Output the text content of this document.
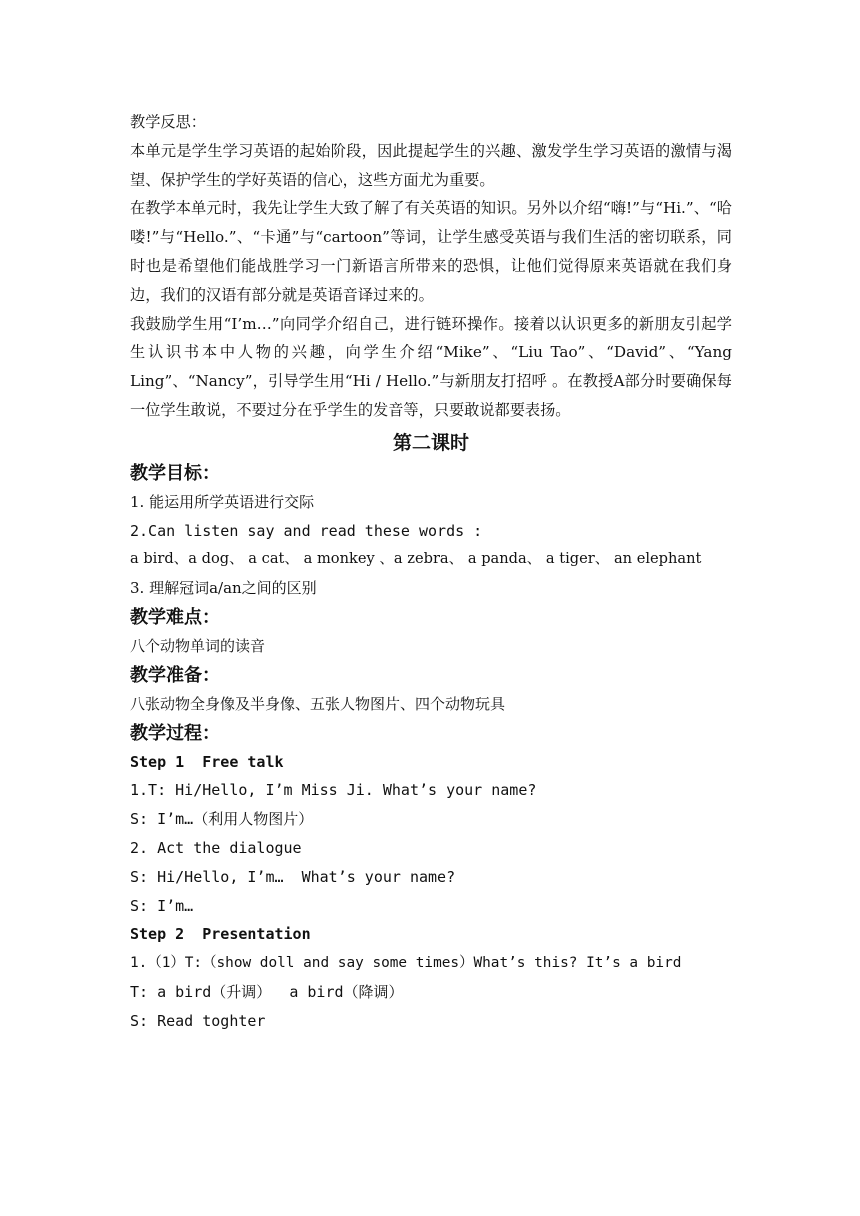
教学反思：

本单元是学生学习英语的起始阶段，因此提起学生的兴趣、激发学生学习英语的激情与渴望、保护学生的学好英语的信心，这些方面尤为重要。

在教学本单元时，我先让学生大致了解了有关英语的知识。另外以介绍“嗨!”与“Hi.”、“哈喽!”与“Hello.”、“卡通”与“cartoon”等词，让学生感受英语与我们生活的密切联系，同时也是希望他们能战胜学习一门新语言所带来的恐惧，让他们觉得原来英语就在我们身边，我们的汉语有部分就是英语音译过来的。

我鼓励学生用“I’m…”向同学介绍自己，进行链环操作。接着以认识更多的新朋友引起学生认识书本中人物的兴趣，向学生介绍“Mike”、“Liu Tao”、“David”、“Yang Ling”、“Nancy”，引导学生用“Hi / Hello.”与新朋友打招呼 。在教授A部分时要确保每一位学生敢说，不要过分在乎学生的发音等，只要敢说都要表扬。

第二课时

教学目标：

1. 能运用所学英语进行交际

2.Can listen say and read these words :

a bird、a dog、 a cat、 a monkey 、a zebra、 a panda、 a tiger、 an elephant

3. 理解冠词a/an之间的区别

教学难点：

八个动物单词的读音

教学准备：

八张动物全身像及半身像、五张人物图片、四个动物玩具

教学过程：

Step 1  Free talk

1.T: Hi/Hello, I’m Miss Ji. What’s your name?

S: I’m…（利用人物图片）

2. Act the dialogue

S: Hi/Hello, I’m…  What’s your name?

S: I’m…

Step 2  Presentation

1.（1）T:（show doll and say some times）What’s this? It’s a bird

T: a bird（升调）  a bird（降调）

S: Read toghter
